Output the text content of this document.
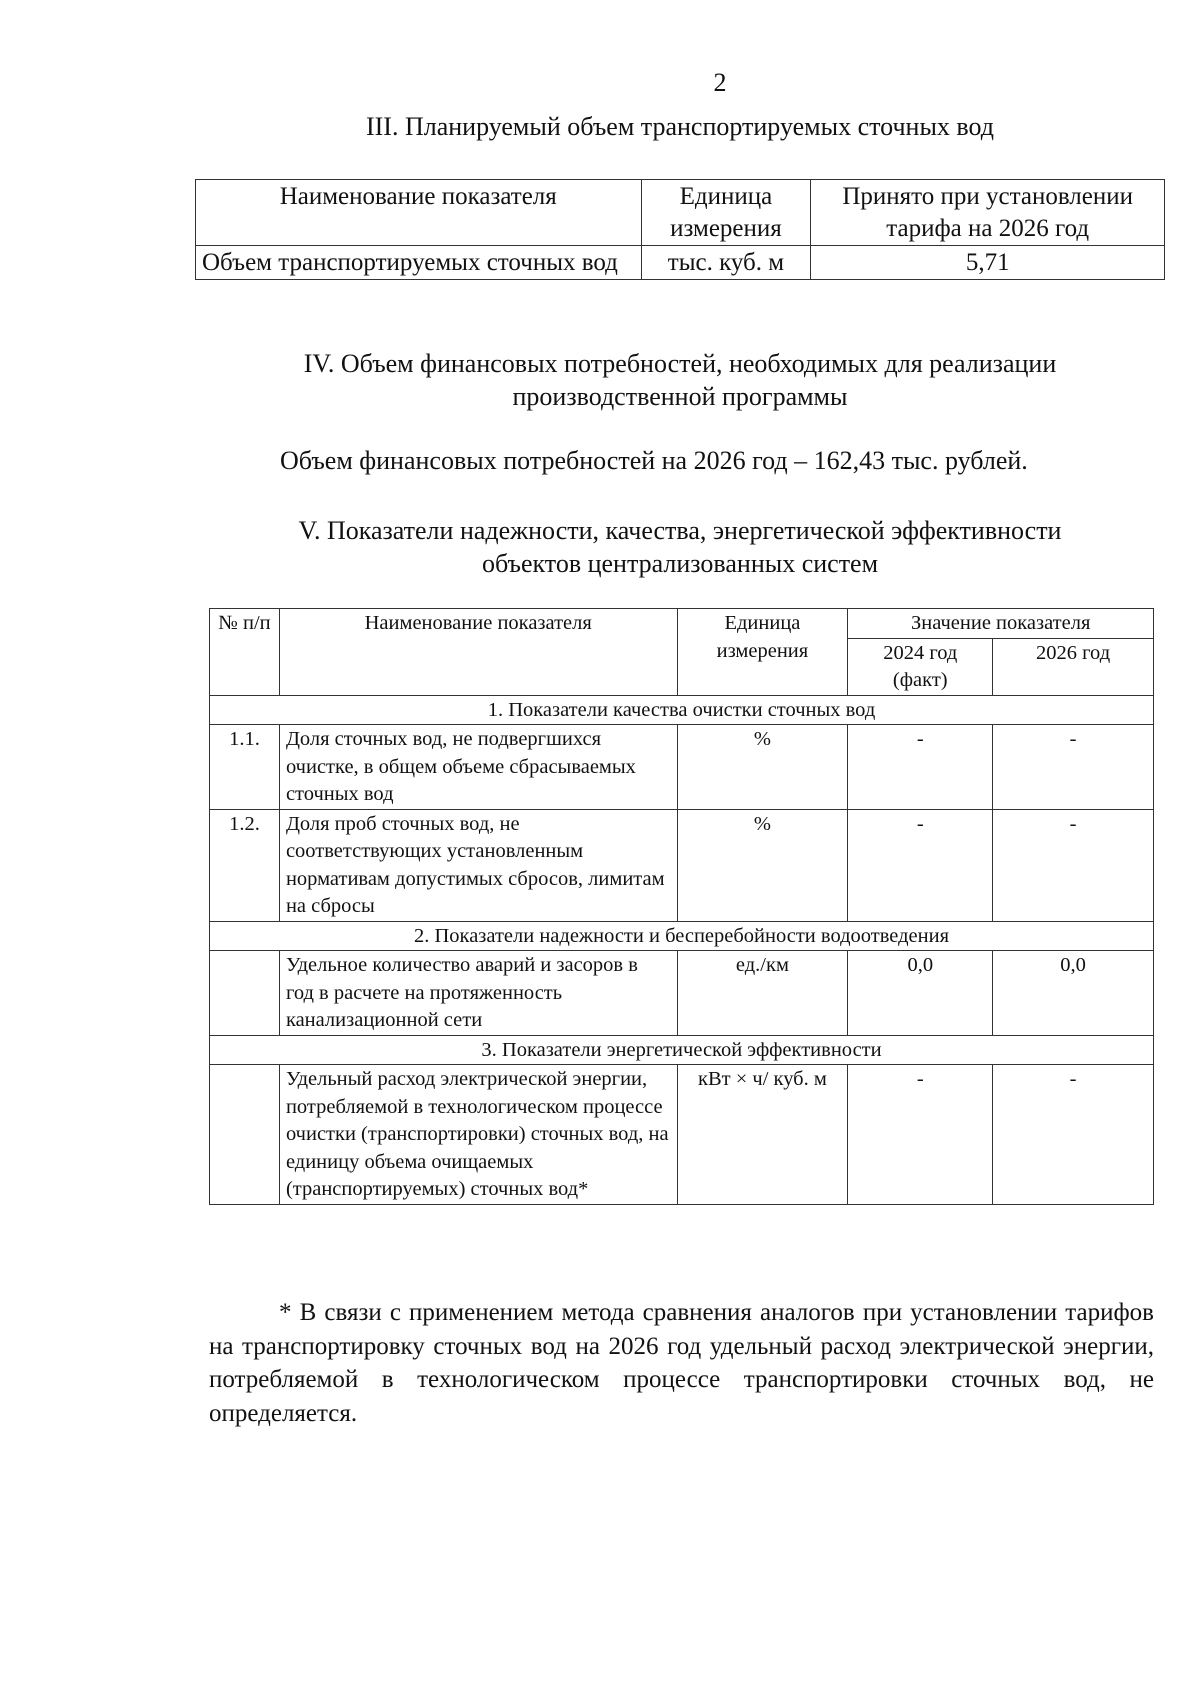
2
III. Планируемый объем транспортируемых сточных вод
Наименование показателя	Единица измерения	Принято при установлении тарифа на 2026 год
Объем транспортируемых сточных вод	тыс. куб. м	5,71
IV. Объем финансовых потребностей, необходимых для реализации
производственной программы
Объем финансовых потребностей на 2026 год – 162,43 тыс. рублей.
V. Показатели надежности, качества, энергетической эффективности
объектов централизованных систем
№ п/п	Наименование показателя	Единица измерения	Значение показателя	
			2024 год (факт)	2026 год
1. Показатели качества очистки сточных вод				
1.1.	Доля сточных вод, не подвергшихся очистке, в общем объеме сбрасываемых сточных вод	%	-	-
1.2.	Доля проб сточных вод, не соответствующих установленным нормативам допустимых сбросов, лимитам на сбросы	%	-	-
2. Показатели надежности и бесперебойности водоотведения				
	Удельное количество аварий и засоров в год в расчете на протяженность канализационной сети	ед./км	0,0	0,0
3. Показатели энергетической эффективности				
	Удельный расход электрической энергии, потребляемой в технологическом процессе очистки (транспортировки) сточных вод, на единицу объема очищаемых (транспортируемых) сточных вод*	кВт × ч/ куб. м	-	-
* В связи с применением метода сравнения аналогов при установлении тарифов на транспортировку сточных вод на 2026 год удельный расход электрической энергии, потребляемой в технологическом процессе транспортировки сточных вод, не определяется.
